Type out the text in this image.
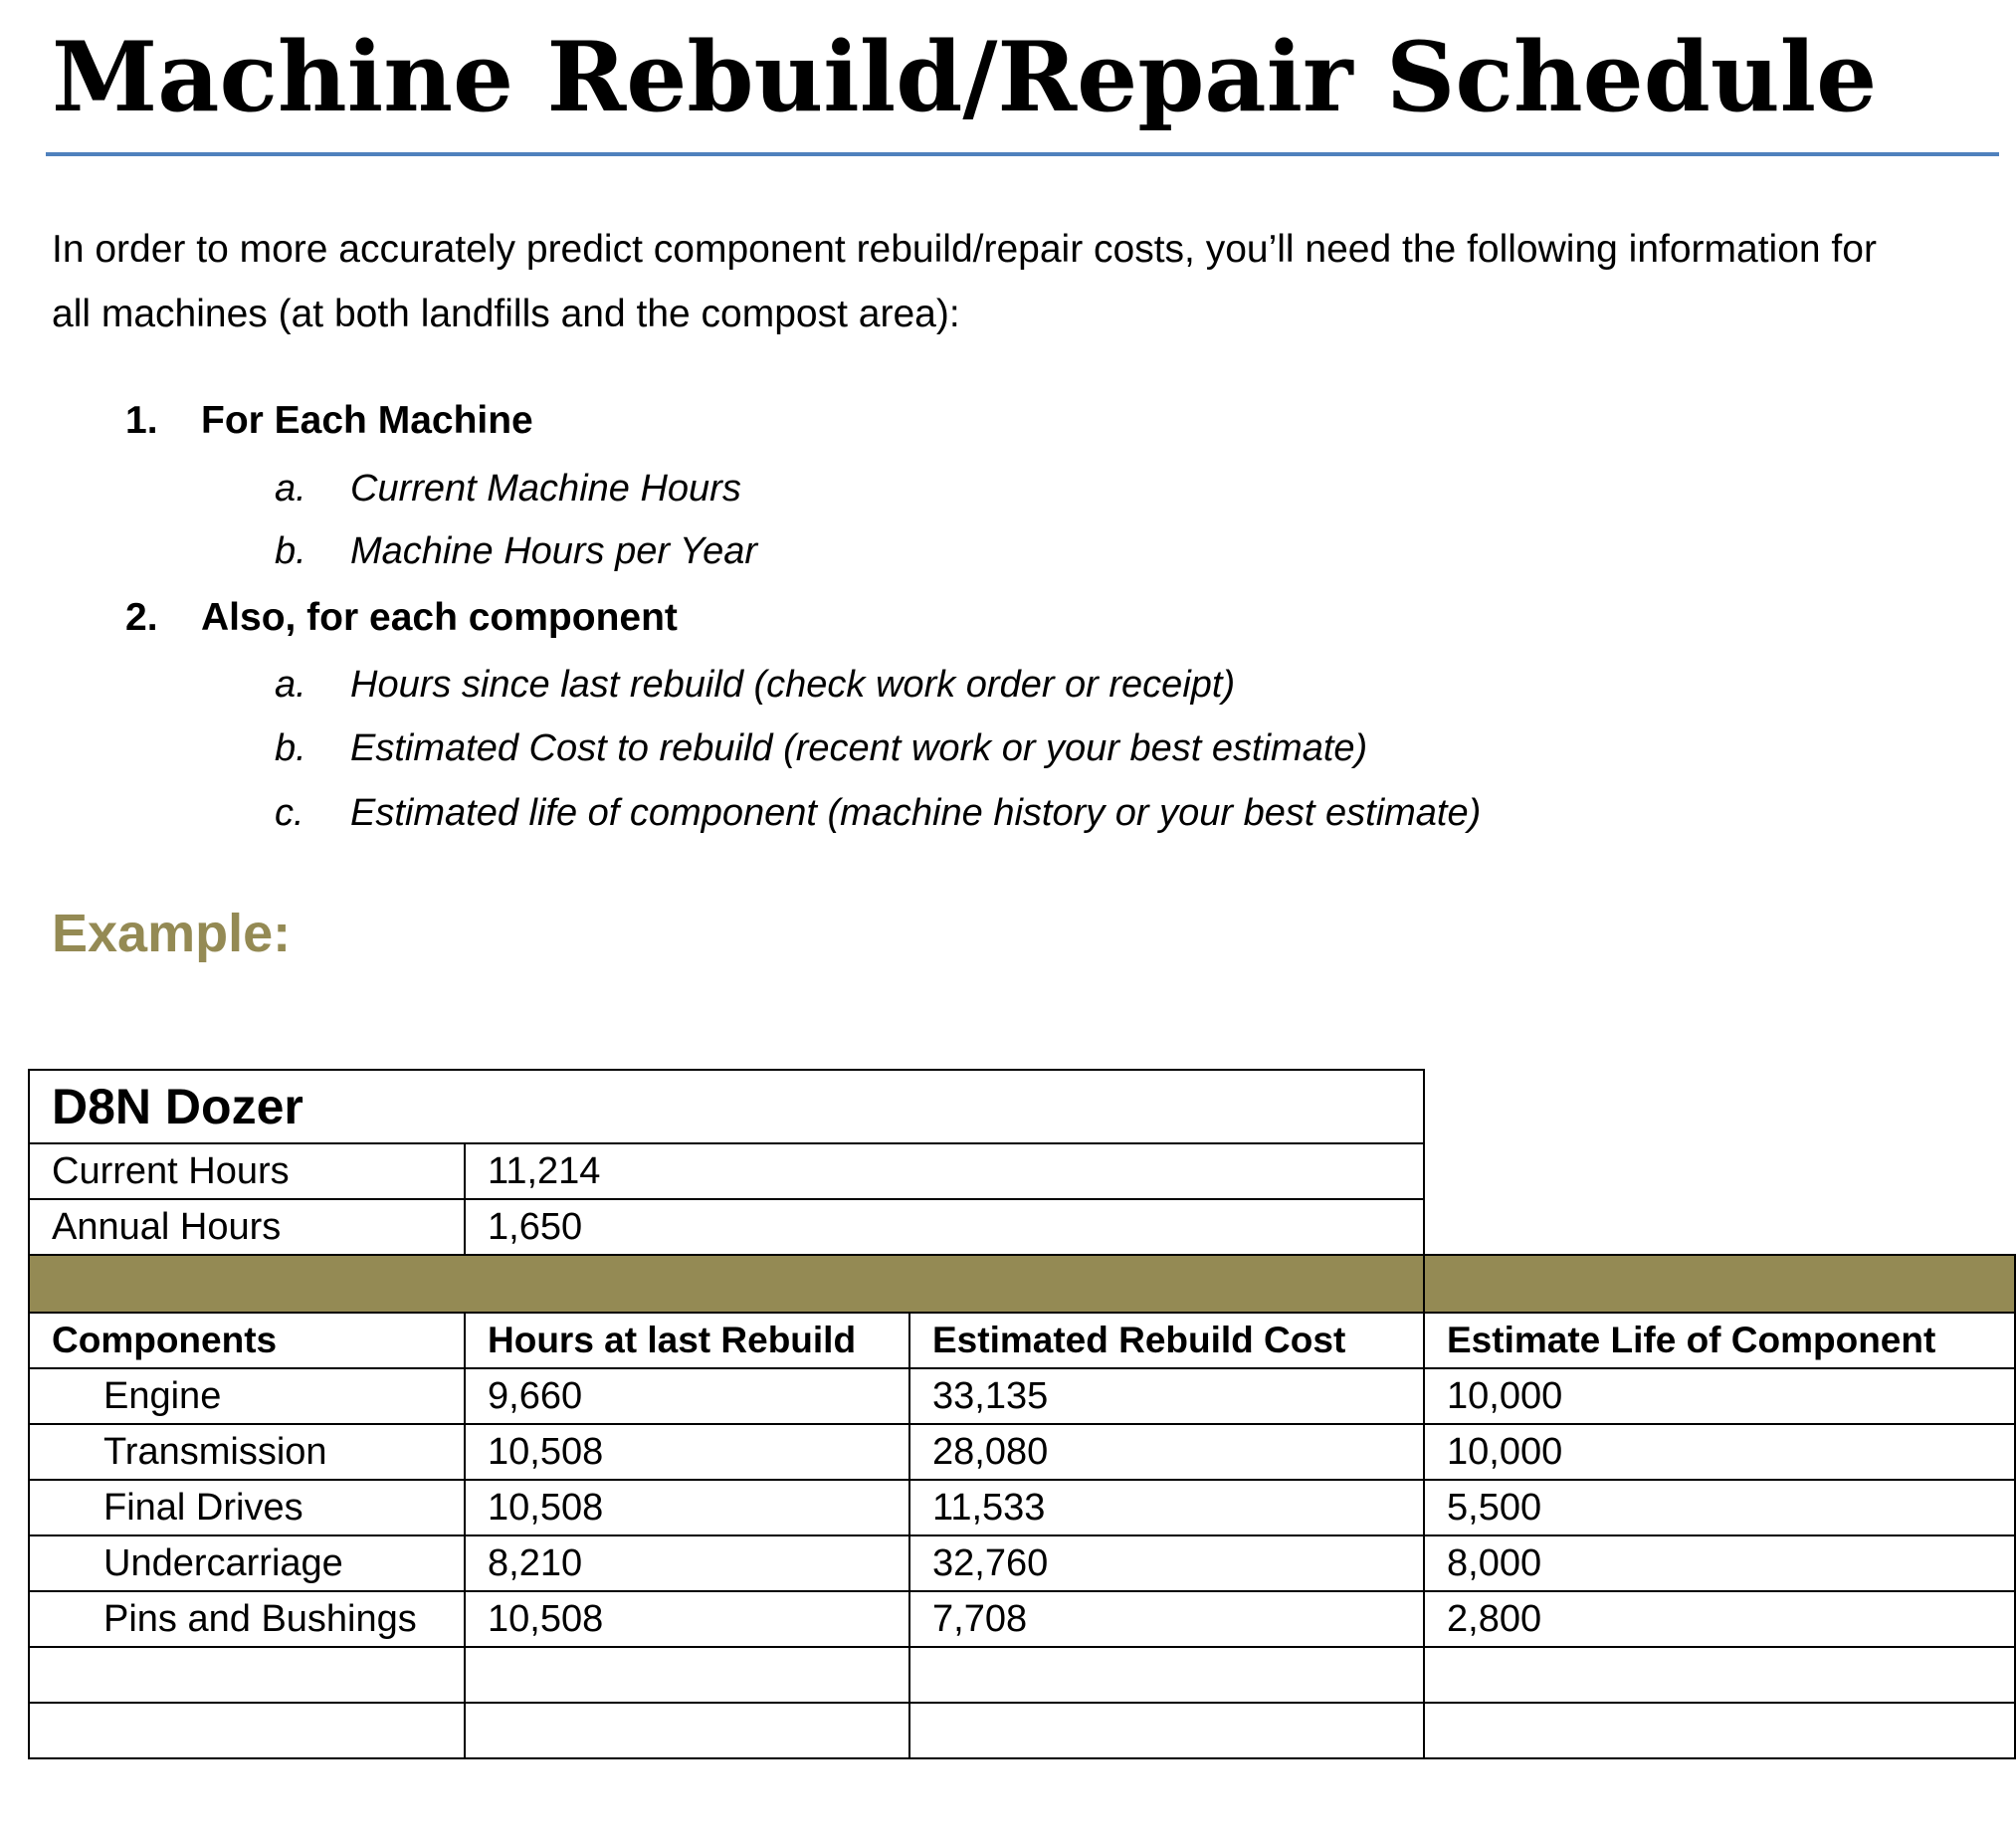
Machine Rebuild/Repair Schedule

In order to more accurately predict component rebuild/repair costs, you’ll need the following information for all machines (at both landfills and the compost area):

1. For Each Machine
a. Current Machine Hours
b. Machine Hours per Year
2. Also, for each component
a. Hours since last rebuild (check work order or receipt)
b. Estimated Cost to rebuild (recent work or your best estimate)
c. Estimated life of component (machine history or your best estimate)
Example:
D8N Dozer			
Current Hours	11,214		
Annual Hours	1,650		

Components	Hours at last Rebuild	Estimated Rebuild Cost	Estimate Life of Component
Engine	9,660	33,135	10,000
Transmission	10,508	28,080	10,000
Final Drives	10,508	11,533	5,500
Undercarriage	8,210	32,760	8,000
Pins and Bushings	10,508	7,708	2,800
